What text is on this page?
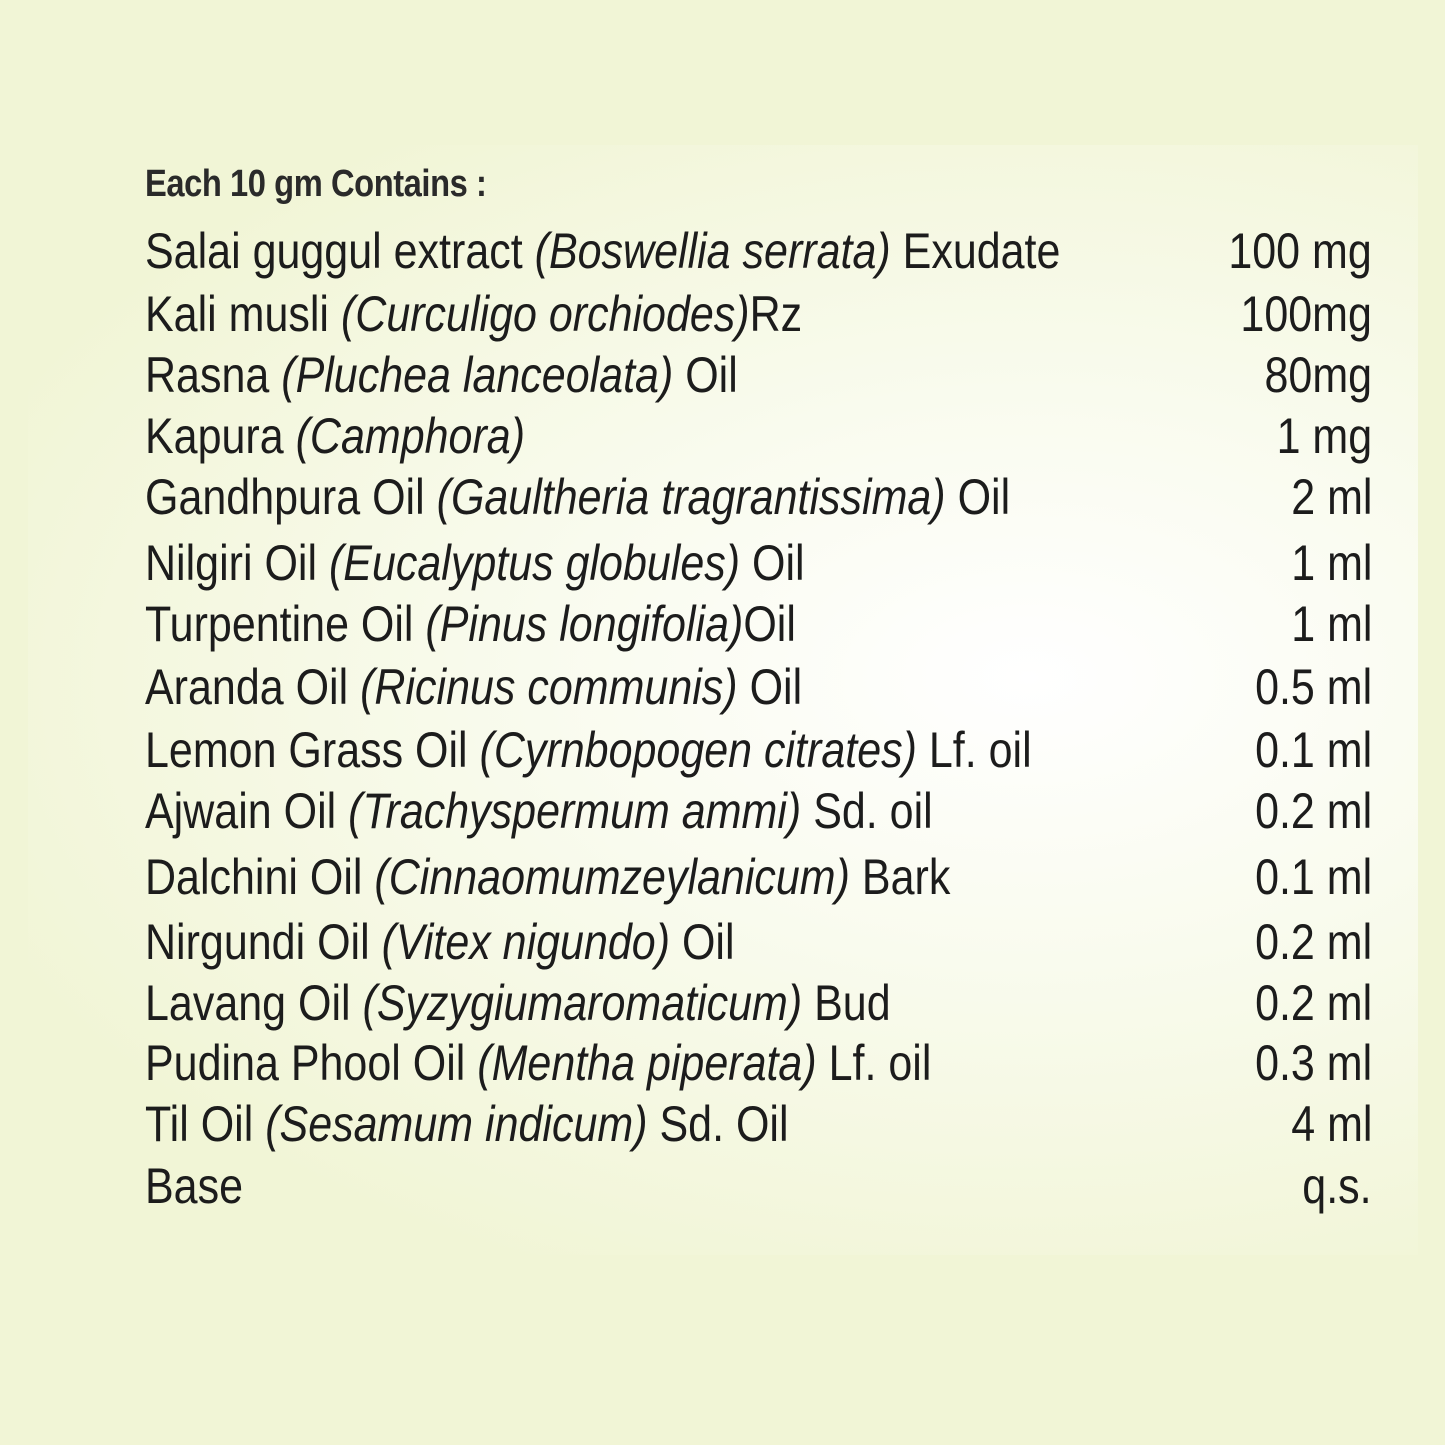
Each 10 gm Contains :
Salai guggul extract (Boswellia serrata) Exudate	100 mg
Kali musli (Curculigo orchiodes)Rz	100mg
Rasna (Pluchea lanceolata) Oil	80mg
Kapura (Camphora)	1 mg
Gandhpura Oil (Gaultheria tragrantissima) Oil	2 ml
Nilgiri Oil (Eucalyptus globules) Oil	1 ml
Turpentine Oil (Pinus longifolia)Oil	1 ml
Aranda Oil (Ricinus communis) Oil	0.5 ml
Lemon Grass Oil (Cyrnbopogen citrates) Lf. oil	0.1 ml
Ajwain Oil (Trachyspermum ammi) Sd. oil	0.2 ml
Dalchini Oil (Cinnaomumzeylanicum) Bark	0.1 ml
Nirgundi Oil (Vitex nigundo) Oil	0.2 ml
Lavang Oil (Syzygiumaromaticum) Bud	0.2 ml
Pudina Phool Oil (Mentha piperata) Lf. oil	0.3 ml
Til Oil (Sesamum indicum) Sd. Oil	4 ml
Base	q.s.
